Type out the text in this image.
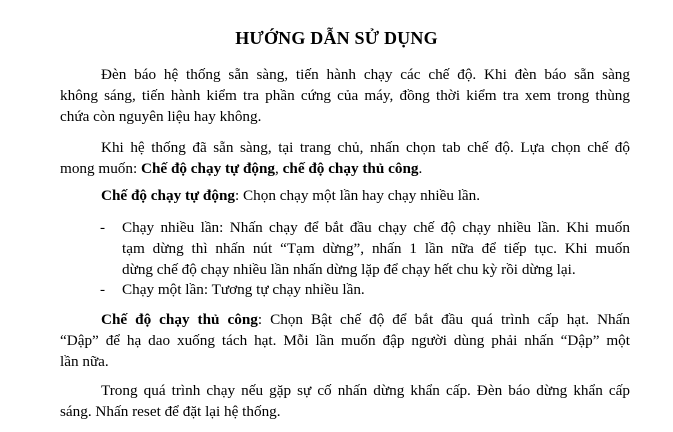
HƯỚNG DẪN SỬ DỤNG
Đèn báo hệ thống sẵn sàng, tiến hành chạy các chế độ. Khi đèn báo sẵn sàng
không sáng, tiến hành kiểm tra phần cứng của máy, đồng thời kiểm tra xem trong thùng
chứa còn nguyên liệu hay không.
Khi hệ thống đã sẵn sàng, tại trang chủ, nhấn chọn tab chế độ. Lựa chọn chế độ
mong muốn: Chế độ chạy tự động, chế độ chạy thủ công.
Chế độ chạy tự động: Chọn chạy một lần hay chạy nhiều lần.
- Chạy nhiều lần: Nhấn chạy để bắt đầu chạy chế độ chạy nhiều lần. Khi muốn
tạm dừng thì nhấn nút “Tạm dừng”, nhấn 1 lần nữa để tiếp tục. Khi muốn
dừng chế độ chạy nhiều lần nhấn dừng lặp để chạy hết chu kỳ rồi dừng lại.
- Chạy một lần: Tương tự chạy nhiều lần.
Chế độ chạy thủ công: Chọn Bật chế độ để bắt đầu quá trình cấp hạt. Nhấn
“Dập” để hạ dao xuống tách hạt. Mỗi lần muốn đập người dùng phải nhấn “Dập” một
lần nữa.
Trong quá trình chạy nếu gặp sự cố nhấn dừng khẩn cấp. Đèn báo dừng khẩn cấp
sáng. Nhấn reset để đặt lại hệ thống.
